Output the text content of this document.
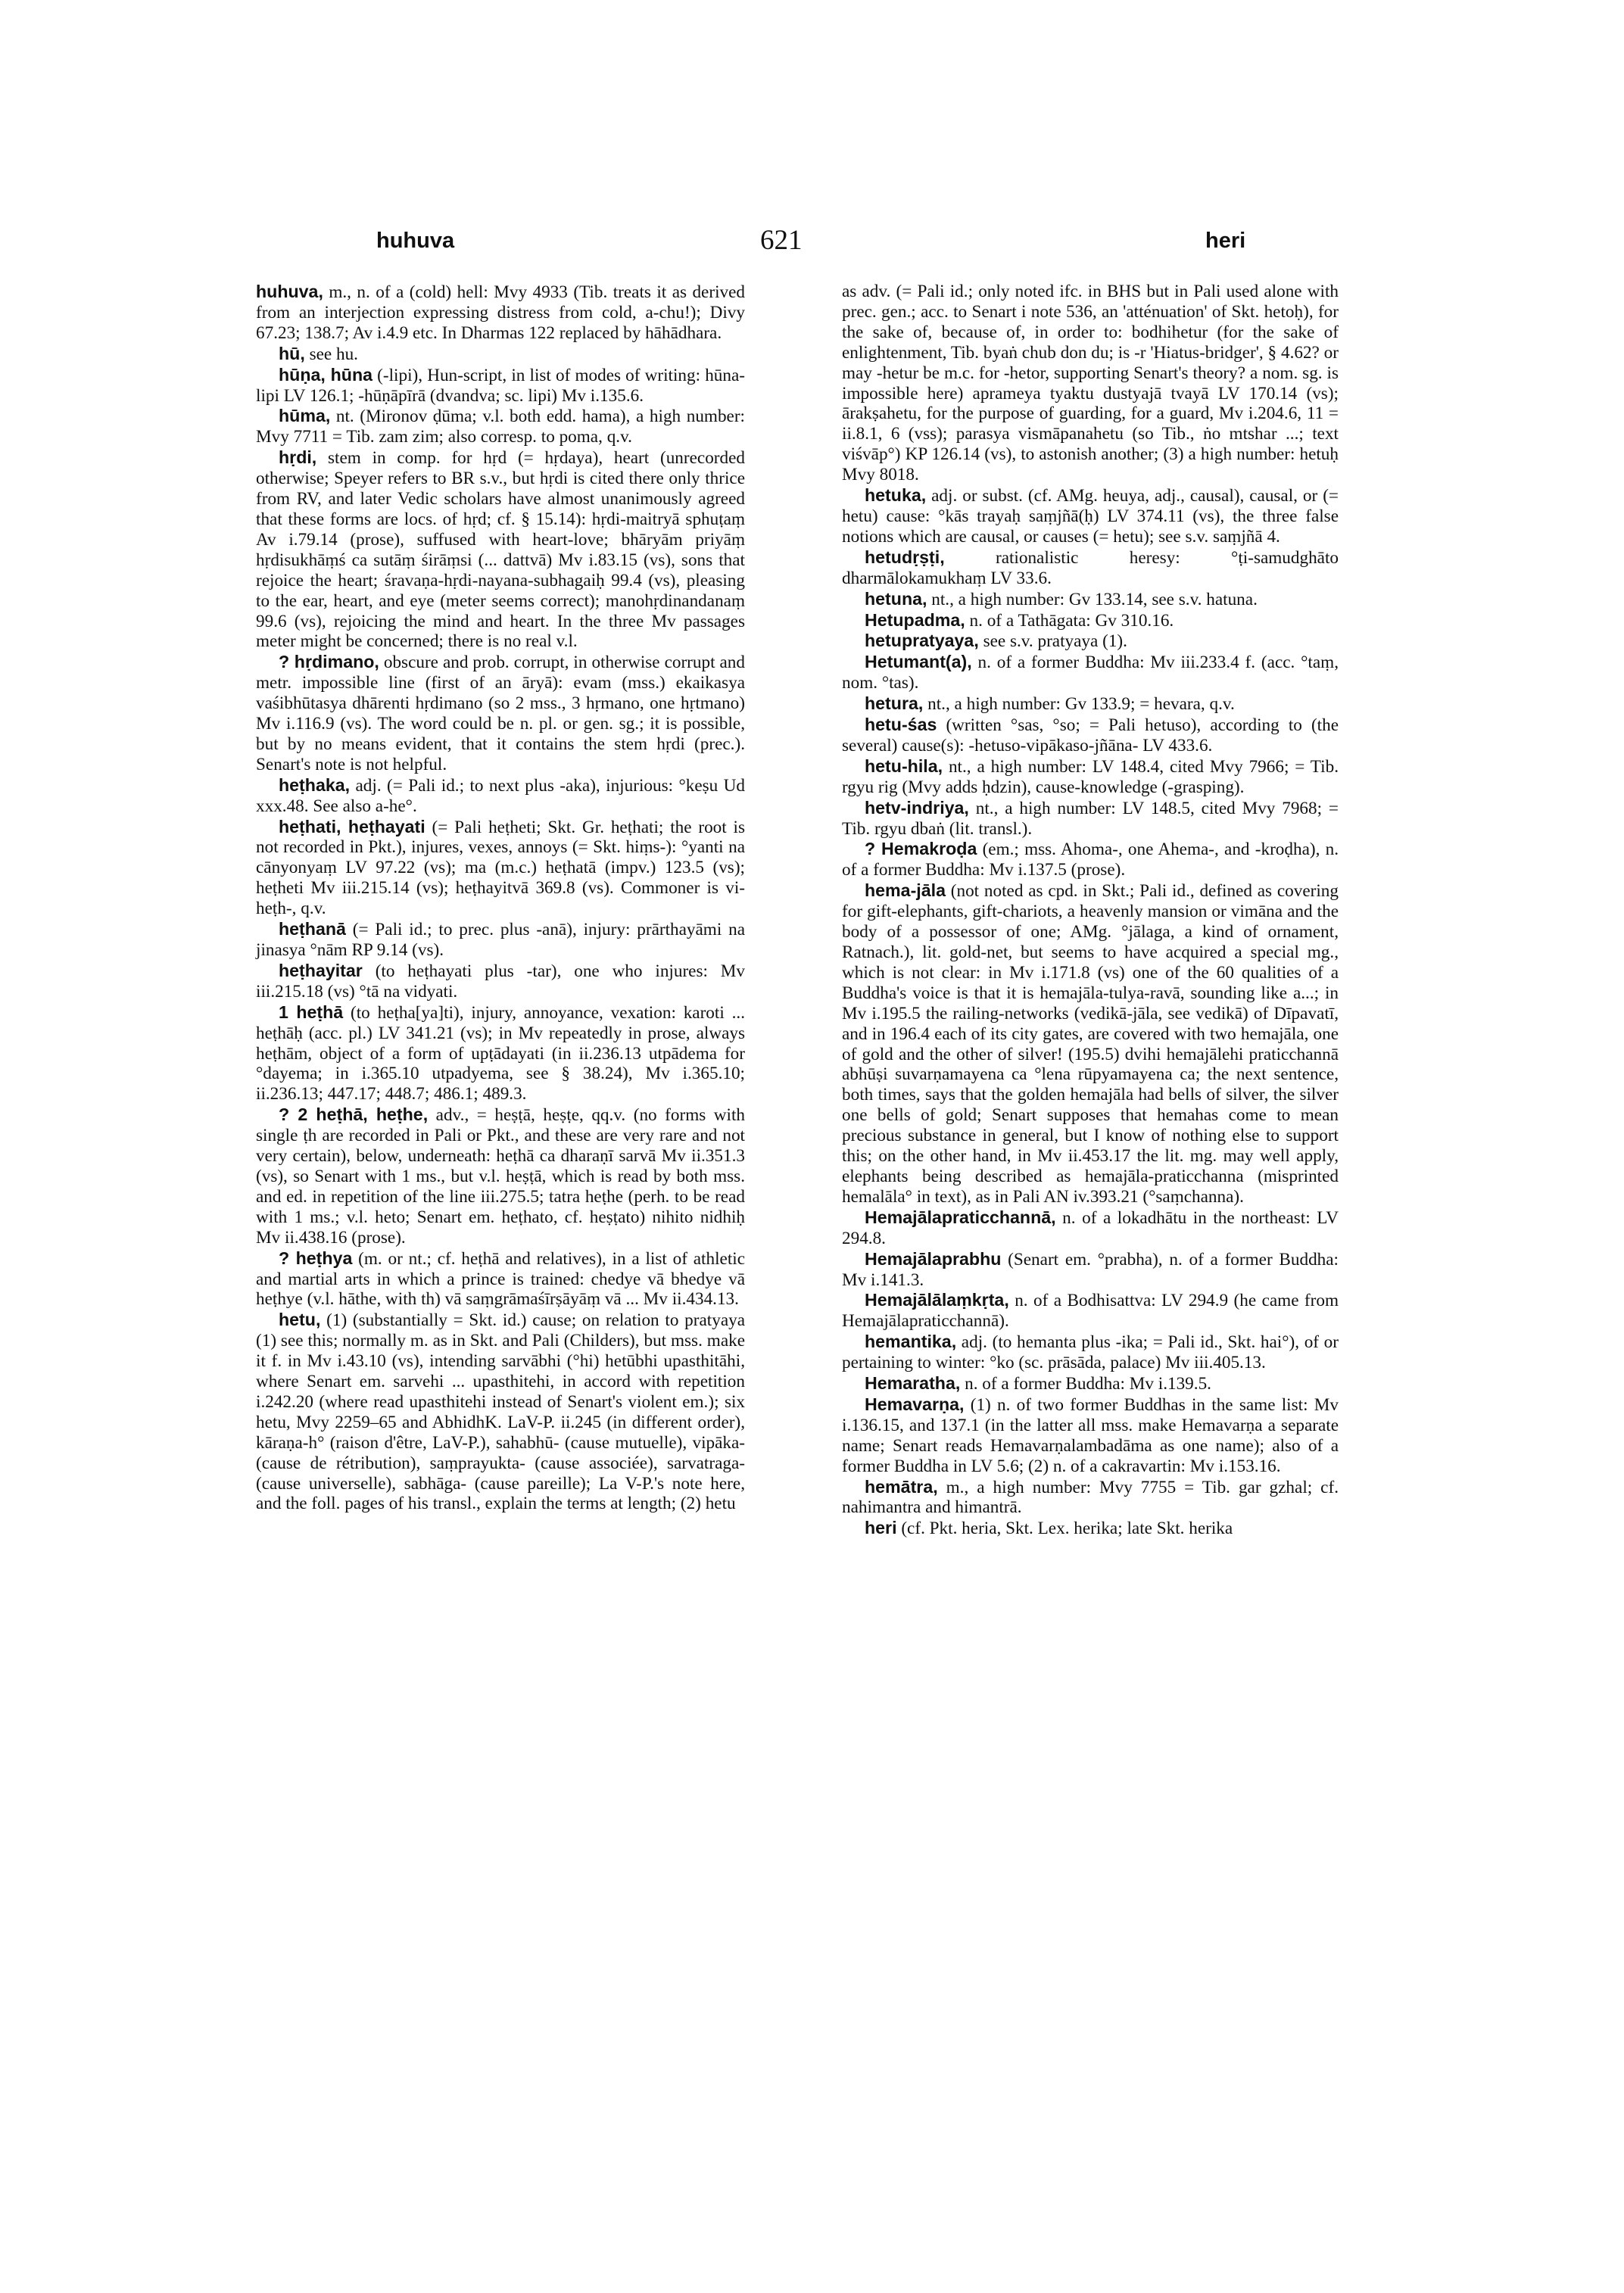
huhuva	621	heri

huhuva, m., n. of a (cold) hell: Mvy 4933 (Tib. treats it as derived from an interjection expressing distress from cold, a-chu!); Divy 67.23; 138.7; Av i.4.9 etc. In Dharmas 122 replaced by hāhādhara.

hū, see hu.

hūṇa, hūna (-lipi), Hun-script, in list of modes of writing: hūna-lipi LV 126.1; -hūṇāpīrā (dvandva; sc. lipi) Mv i.135.6.

hūma, nt. (Mironov ḍūma; v.l. both edd. hama), a high number: Mvy 7711 = Tib. zam zim; also corresp. to poma, q.v.

hṛdi, stem in comp. for hṛd (= hṛdaya), heart (unrecorded otherwise; Speyer refers to BR s.v., but hṛdi is cited there only thrice from RV, and later Vedic scholars have almost unanimously agreed that these forms are locs. of hṛd; cf. § 15.14): hṛdi-maitryā sphuṭaṃ Av i.79.14 (prose), suffused with heart-love; bhāryām priyāṃ hṛdisukhāṃś ca sutāṃ śirāṃsi (... dattvā) Mv i.83.15 (vs), sons that rejoice the heart; śravaṇa-hṛdi-nayana-subhagaiḥ 99.4 (vs), pleasing to the ear, heart, and eye (meter seems correct); manohṛdinandanaṃ 99.6 (vs), rejoicing the mind and heart. In the three Mv passages meter might be concerned; there is no real v.l.

? hṛdimano, obscure and prob. corrupt, in otherwise corrupt and metr. impossible line (first of an āryā): evam (mss.) ekaikasya vaśibhūtasya dhārenti hṛdimano (so 2 mss., 3 hṛmano, one hṛtmano) Mv i.116.9 (vs). The word could be n. pl. or gen. sg.; it is possible, but by no means evident, that it contains the stem hṛdi (prec.). Senart's note is not helpful.

heṭhaka, adj. (= Pali id.; to next plus -aka), injurious: °keṣu Ud xxx.48. See also a-he°.

heṭhati, heṭhayati (= Pali heṭheti; Skt. Gr. heṭhati; the root is not recorded in Pkt.), injures, vexes, annoys (= Skt. hiṃs-): °yanti na cānyonyaṃ LV 97.22 (vs); ma (m.c.) heṭhatā (impv.) 123.5 (vs); heṭheti Mv iii.215.14 (vs); heṭhayitvā 369.8 (vs). Commoner is vi-heṭh-, q.v.

heṭhanā (= Pali id.; to prec. plus -anā), injury: prārthayāmi na jinasya °nām RP 9.14 (vs).

heṭhayitar (to heṭhayati plus -tar), one who injures: Mv iii.215.18 (vs) °tā na vidyati.

1 heṭhā (to heṭha[ya]ti), injury, annoyance, vexation: karoti ... heṭhāḥ (acc. pl.) LV 341.21 (vs); in Mv repeatedly in prose, always heṭhām, object of a form of upṭādayati (in ii.236.13 utpādema for °dayema; in i.365.10 utpadyema, see § 38.24), Mv i.365.10; ii.236.13; 447.17; 448.7; 486.1; 489.3.

? 2 heṭhā, heṭhe, adv., = heṣṭā, heṣṭe, qq.v. (no forms with single ṭh are recorded in Pali or Pkt., and these are very rare and not very certain), below, underneath: heṭhā ca dharaṇī sarvā Mv ii.351.3 (vs), so Senart with 1 ms., but v.l. heṣṭā, which is read by both mss. and ed. in repetition of the line iii.275.5; tatra heṭhe (perh. to be read with 1 ms.; v.l. heto; Senart em. heṭhato, cf. heṣṭato) nihito nidhiḥ Mv ii.438.16 (prose).

? heṭhya (m. or nt.; cf. heṭhā and relatives), in a list of athletic and martial arts in which a prince is trained: chedye vā bhedye vā heṭhye (v.l. hāthe, with th) vā saṃgrāmaśīrṣāyāṃ vā ... Mv ii.434.13.

hetu, (1) (substantially = Skt. id.) cause; on relation to pratyaya (1) see this; normally m. as in Skt. and Pali (Childers), but mss. make it f. in Mv i.43.10 (vs), intending sarvābhi (°hi) hetūbhi upasthitāhi, where Senart em. sarvehi ... upasthitehi, in accord with repetition i.242.20 (where read upasthitehi instead of Senart's violent em.); six hetu, Mvy 2259–65 and AbhidhK. LaV-P. ii.245 (in different order), kāraṇa-h° (raison d'être, LaV-P.), sahabhū- (cause mutuelle), vipāka- (cause de rétribution), saṃprayukta- (cause associée), sarvatraga- (cause universelle), sabhāga- (cause pareille); La V-P.'s note here, and the foll. pages of his transl., explain the terms at length; (2) hetu

as adv. (= Pali id.; only noted ifc. in BHS but in Pali used alone with prec. gen.; acc. to Senart i note 536, an 'atténuation' of Skt. hetoḥ), for the sake of, because of, in order to: bodhihetur (for the sake of enlightenment, Tib. byaṅ chub don du; is -r 'Hiatus-bridger', § 4.62? or may -hetur be m.c. for -hetor, supporting Senart's theory? a nom. sg. is impossible here) aprameya tyaktu dustyajā tvayā LV 170.14 (vs); ārakṣahetu, for the purpose of guarding, for a guard, Mv i.204.6, 11 = ii.8.1, 6 (vss); parasya vismāpanahetu (so Tib., ṅo mtshar ...; text viśvāp°) KP 126.14 (vs), to astonish another; (3) a high number: hetuḥ Mvy 8018.

hetuka, adj. or subst. (cf. AMg. heuya, adj., causal), causal, or (= hetu) cause: °kās trayaḥ saṃjñā(ḥ) LV 374.11 (vs), the three false notions which are causal, or causes (= hetu); see s.v. saṃjñā 4.

hetudṛṣṭi, rationalistic heresy: °ṭi-samudghāto dharmālokamukhaṃ LV 33.6.

hetuna, nt., a high number: Gv 133.14, see s.v. hatuna.

Hetupadma, n. of a Tathāgata: Gv 310.16.

hetupratyaya, see s.v. pratyaya (1).

Hetumant(a), n. of a former Buddha: Mv iii.233.4 f. (acc. °taṃ, nom. °tas).

hetura, nt., a high number: Gv 133.9; = hevara, q.v.

hetu-śas (written °sas, °so; = Pali hetuso), according to (the several) cause(s): -hetuso-vipākaso-jñāna- LV 433.6.

hetu-hila, nt., a high number: LV 148.4, cited Mvy 7966; = Tib. rgyu rig (Mvy adds ḥdzin), cause-knowledge (-grasping).

hetv-indriya, nt., a high number: LV 148.5, cited Mvy 7968; = Tib. rgyu dbaṅ (lit. transl.).

? Hemakroḍa (em.; mss. Ahoma-, one Ahema-, and -kroḍha), n. of a former Buddha: Mv i.137.5 (prose).

hema-jāla (not noted as cpd. in Skt.; Pali id., defined as covering for gift-elephants, gift-chariots, a heavenly mansion or vimāna and the body of a possessor of one; AMg. °jālaga, a kind of ornament, Ratnach.), lit. gold-net, but seems to have acquired a special mg., which is not clear: in Mv i.171.8 (vs) one of the 60 qualities of a Buddha's voice is that it is hemajāla-tulya-ravā, sounding like a...; in Mv i.195.5 the railing-networks (vedikā-jāla, see vedikā) of Dīpavatī, and in 196.4 each of its city gates, are covered with two hemajāla, one of gold and the other of silver! (195.5) dvihi hemajālehi praticchannā abhūṣi suvarṇamayena ca °lena rūpyamayena ca; the next sentence, both times, says that the golden hemajāla had bells of silver, the silver one bells of gold; Senart supposes that hemahas come to mean precious substance in general, but I know of nothing else to support this; on the other hand, in Mv ii.453.17 the lit. mg. may well apply, elephants being described as hemajāla-praticchanna (misprinted hemalāla° in text), as in Pali AN iv.393.21 (°saṃchanna).

Hemajālapraticchannā, n. of a lokadhātu in the northeast: LV 294.8.

Hemajālaprabhu (Senart em. °prabha), n. of a former Buddha: Mv i.141.3.

Hemajālālaṃkṛta, n. of a Bodhisattva: LV 294.9 (he came from Hemajālapraticchannā).

hemantika, adj. (to hemanta plus -ika; = Pali id., Skt. hai°), of or pertaining to winter: °ko (sc. prāsāda, palace) Mv iii.405.13.

Hemaratha, n. of a former Buddha: Mv i.139.5.

Hemavarṇa, (1) n. of two former Buddhas in the same list: Mv i.136.15, and 137.1 (in the latter all mss. make Hemavarṇa a separate name; Senart reads Hemavarṇalambadāma as one name); also of a former Buddha in LV 5.6; (2) n. of a cakravartin: Mv i.153.16.

hemātra, m., a high number: Mvy 7755 = Tib. gar gzhal; cf. nahimantra and himantrā.

heri (cf. Pkt. heria, Skt. Lex. herika; late Skt. herika
